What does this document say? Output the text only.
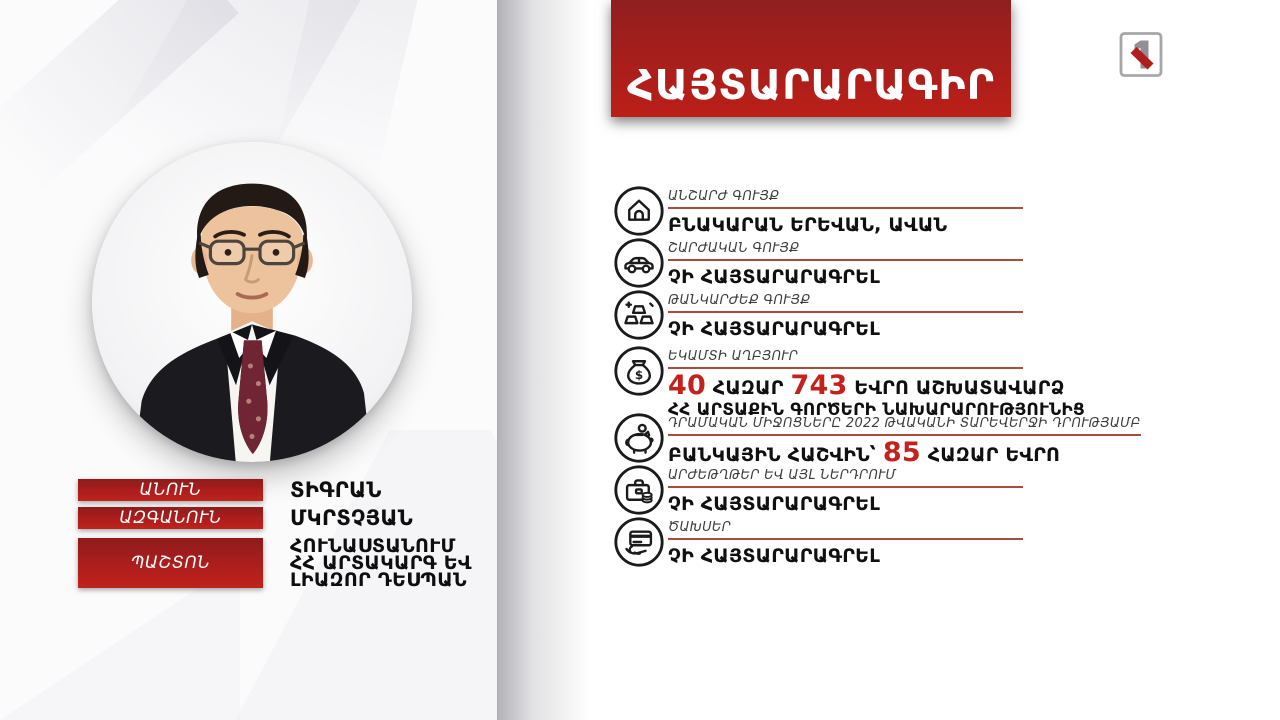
ԱՆՈՒՆ	ՏԻԳՐԱՆ
ԱԶԳԱՆՈՒՆ	ՄԿՐՏՉՅԱՆ
ՊԱՇՏՈՆ
ՀՈՒՆԱՍՏԱՆՈՒՄ
ՀՀ ԱՐՏԱԿԱՐԳ ԵՎ
ԼԻԱԶՈՐ ԴԵՍՊԱՆ
ՀԱՅՏԱՐԱՐԱԳԻՐ
ԱՆՇԱՐԺ ԳՈՒՅՔ
ԲՆԱԿԱՐԱՆ ԵՐԵՎԱՆ, ԱՎԱՆ
ՇԱՐԺԱԿԱՆ ԳՈՒՅՔ
ՉԻ ՀԱՅՏԱՐԱՐԱԳՐԵԼ
ԹԱՆԿԱՐԺԵՔ ԳՈՒՅՔ
ՉԻ ՀԱՅՏԱՐԱՐԱԳՐԵԼ
$
ԵԿԱՄՏԻ ԱՂԲՅՈՒՐ
40 ՀԱԶԱՐ 743 ԵՎՐՈ ԱՇԽԱՏԱՎԱՐՁ
ՀՀ ԱՐՏԱՔԻՆ ԳՈՐԾԵՐԻ ՆԱԽԱՐԱՐՈՒԹՅՈՒՆԻՑ
ԴՐԱՄԱԿԱՆ ՄԻՋՈՑՆԵՐԸ 2022 ԹՎԱԿԱՆԻ ՏԱՐԵՎԵՐՋԻ ԴՐՈՒԹՅԱՄԲ
ԲԱՆԿԱՅԻՆ ՀԱՇՎԻՆ՝ 85 ՀԱԶԱՐ ԵՎՐՈ
ԱՐԺԵԹՂԹԵՐ ԵՎ ԱՅԼ ՆԵՐԴՐՈՒՄ
ՉԻ ՀԱՅՏԱՐԱՐԱԳՐԵԼ
ԾԱԽՍԵՐ
ՉԻ ՀԱՅՏԱՐԱՐԱԳՐԵԼ
